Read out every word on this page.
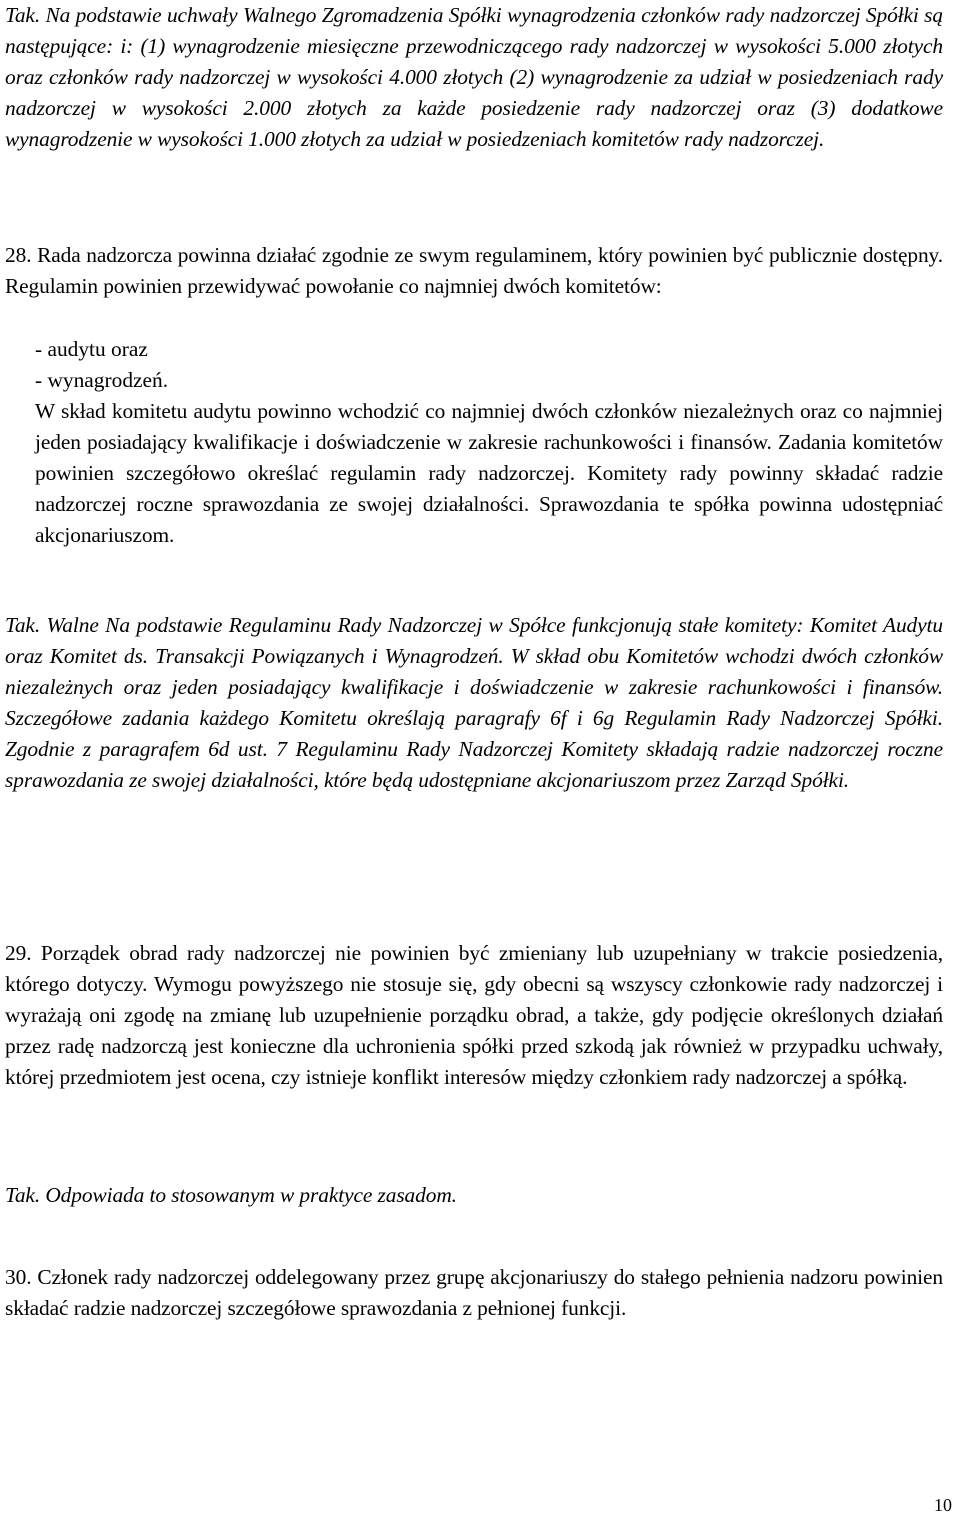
Tak. Na podstawie uchwały Walnego Zgromadzenia Spółki wynagrodzenia członków rady nadzorczej Spółki są następujące: i: (1) wynagrodzenie miesięczne przewodniczącego rady nadzorczej w wysokości 5.000 złotych oraz członków rady nadzorczej w wysokości 4.000 złotych (2) wynagrodzenie za udział w posiedzeniach rady nadzorczej w wysokości 2.000 złotych za każde posiedzenie rady nadzorczej oraz (3) dodatkowe wynagrodzenie w wysokości 1.000 złotych za udział w posiedzeniach komitetów rady nadzorczej.

28. Rada nadzorcza powinna działać zgodnie ze swym regulaminem, który powinien być publicznie dostępny. Regulamin powinien przewidywać powołanie co najmniej dwóch komitetów:

- audytu oraz

- wynagrodzeń.

W skład komitetu audytu powinno wchodzić co najmniej dwóch członków niezależnych oraz co najmniej jeden posiadający kwalifikacje i doświadczenie w zakresie rachunkowości i finansów. Zadania komitetów powinien szczegółowo określać regulamin rady nadzorczej. Komitety rady powinny składać radzie nadzorczej roczne sprawozdania ze swojej działalności. Sprawozdania te spółka powinna udostępniać akcjonariuszom.

Tak. Walne Na podstawie Regulaminu Rady Nadzorczej w Spółce funkcjonują stałe komitety: Komitet Audytu oraz Komitet ds. Transakcji Powiązanych i Wynagrodzeń. W skład obu Komitetów wchodzi dwóch członków niezależnych oraz jeden posiadający kwalifikacje i doświadczenie w zakresie rachunkowości i finansów. Szczegółowe zadania każdego Komitetu określają paragrafy 6f i 6g Regulamin Rady Nadzorczej Spółki. Zgodnie z paragrafem 6d ust. 7 Regulaminu Rady Nadzorczej Komitety składają radzie nadzorczej roczne sprawozdania ze swojej działalności, które będą udostępniane akcjonariuszom przez Zarząd Spółki.

29. Porządek obrad rady nadzorczej nie powinien być zmieniany lub uzupełniany w trakcie posiedzenia, którego dotyczy. Wymogu powyższego nie stosuje się, gdy obecni są wszyscy członkowie rady nadzorczej i wyrażają oni zgodę na zmianę lub uzupełnienie porządku obrad, a także, gdy podjęcie określonych działań przez radę nadzorczą jest konieczne dla uchronienia spółki przed szkodą jak również w przypadku uchwały, której przedmiotem jest ocena, czy istnieje konflikt interesów między członkiem rady nadzorczej a spółką.

Tak. Odpowiada to stosowanym w praktyce zasadom.

30. Członek rady nadzorczej oddelegowany przez grupę akcjonariuszy do stałego pełnienia nadzoru powinien składać radzie nadzorczej szczegółowe sprawozdania z pełnionej funkcji.

10
